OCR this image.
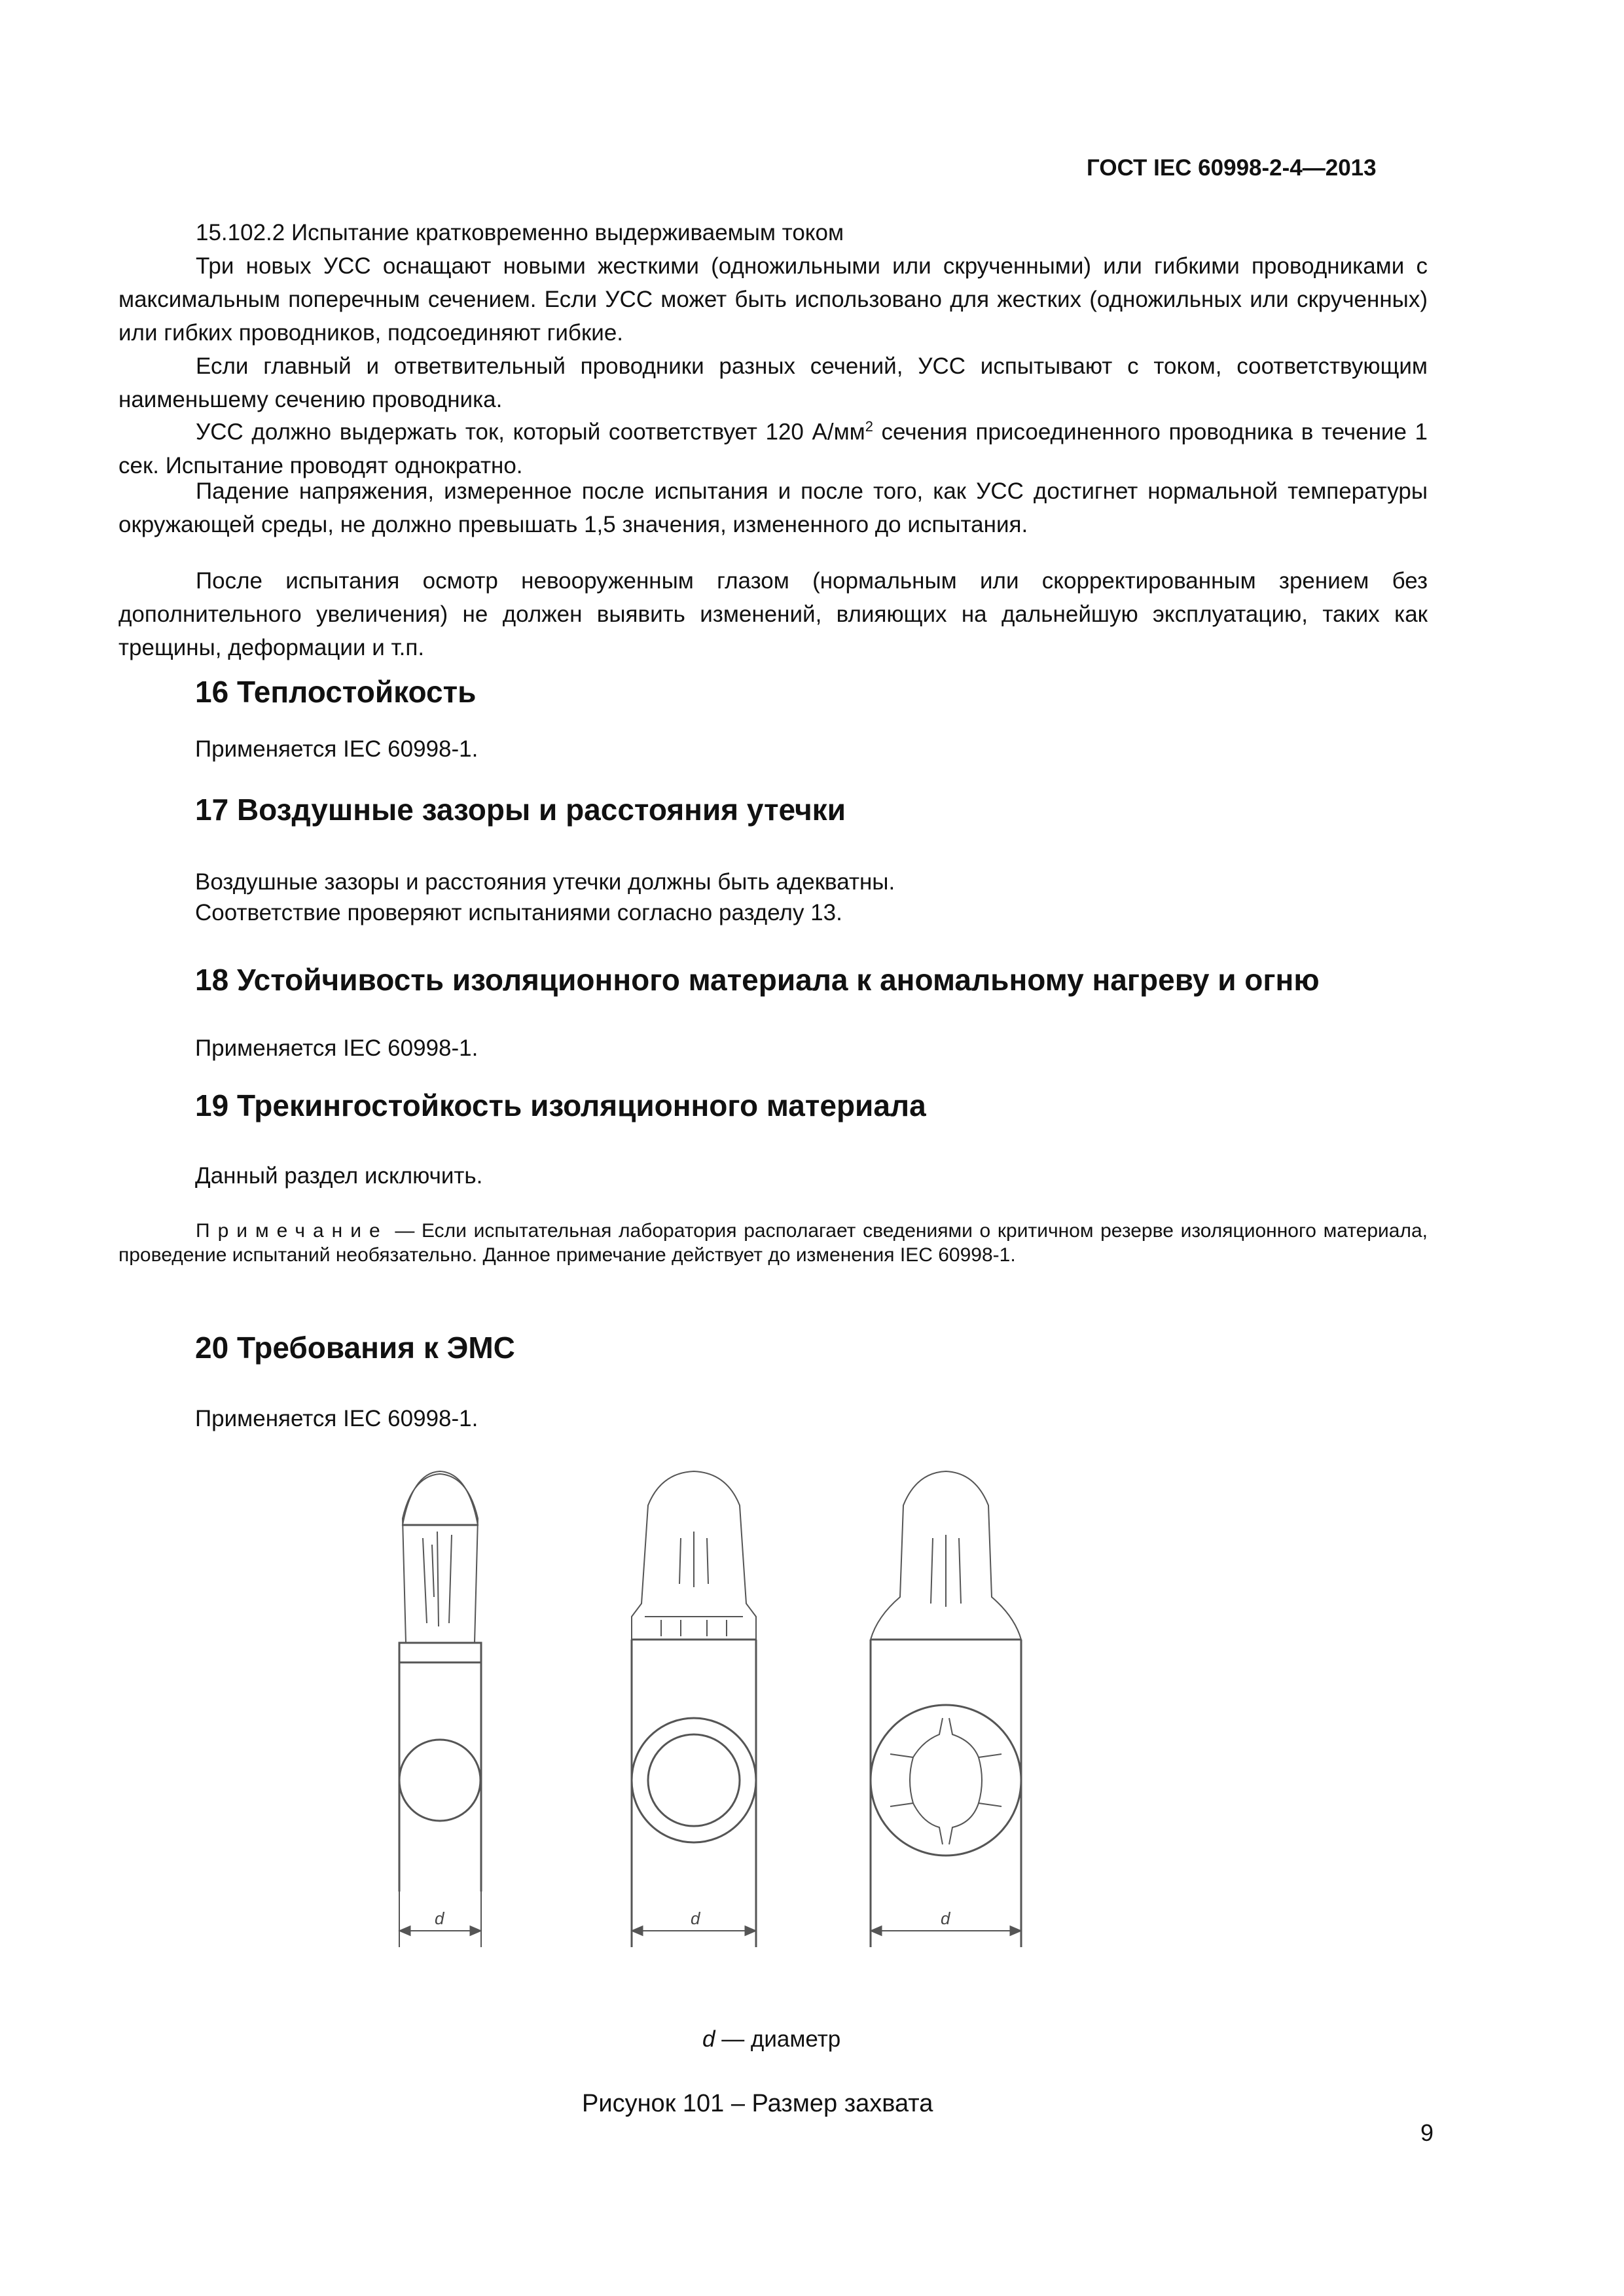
ГОСТ IEC 60998-2-4—2013

15.102.2 Испытание кратковременно выдерживаемым током

Три новых УСС оснащают новыми жесткими (одножильными или скрученными) или гибкими проводниками с максимальным поперечным сечением. Если УСС может быть использовано для жестких (одножильных или скрученных) или гибких проводников, подсоединяют гибкие.

Если главный и ответвительный проводники разных сечений, УСС испытывают с током, соответствующим наименьшему сечению проводника.

УСС должно выдержать ток, который соответствует 120 $А/мм^2$ сечения присоединенного проводника в течение 1 сек. Испытание проводят однократно.

Падение напряжения, измеренное после испытания и после того, как УСС достигнет нормальной температуры окружающей среды, не должно превышать 1,5 значения, измененного до испытания.

После испытания осмотр невооруженным глазом (нормальным или скорректированным зрением без дополнительного увеличения) не должен выявить изменений, влияющих на дальнейшую эксплуатацию, таких как трещины, деформации и т.п.

16 Теплостойкость

Применяется IEC 60998-1.

17 Воздушные зазоры и расстояния утечки

Воздушные зазоры и расстояния утечки должны быть адекватны.

Соответствие проверяют испытаниями согласно разделу 13.

18 Устойчивость изоляционного материала к аномальному нагреву и огню

Применяется IEC 60998-1.

19 Трекингостойкость изоляционного материала

Данный раздел исключить.

Примечание — Если испытательная лаборатория располагает сведениями о критичном резерве изоляционного материала, проведение испытаний необязательно. Данное примечание действует до изменения IEC 60998-1.

20 Требования к ЭМС

Применяется IEC 60998-1.

d	d	d
d — диаметр
Рисунок 101 – Размер захвата
9
